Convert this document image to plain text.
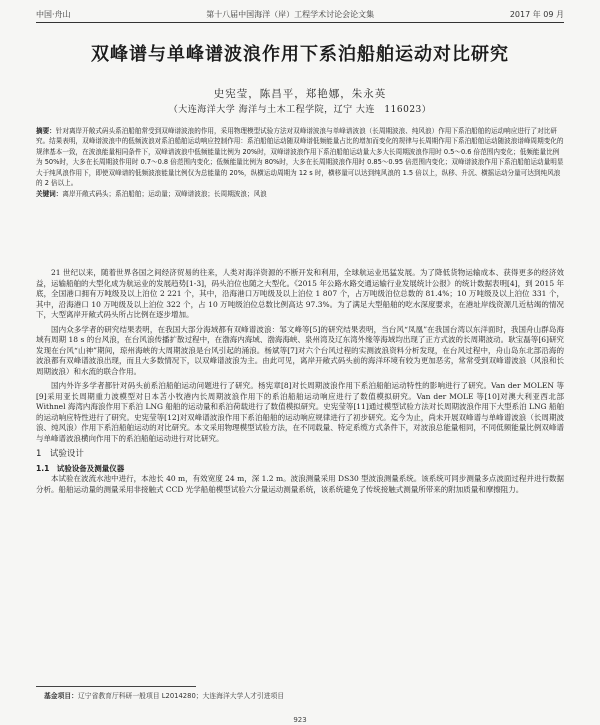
中国·舟山	第十八届中国海洋（岸）工程学术讨论会论文集	2017 年 09 月
双峰谱与单峰谱波浪作用下系泊船舶运动对比研究
史宪莹，陈昌平，郑艳娜，朱永英
（大连海洋大学 海洋与土木工程学院，辽宁 大连　116023）
摘要：针对离岸开敞式码头系泊船舶常受到双峰谱波浪的作用，采用物理模型试验方法对双峰谱波浪与单峰谱波浪（长周期波浪、纯风浪）作用下系泊船舶的运动响应进行了对比研究。结果表明，双峰谱波浪中的低频波浪对系泊船舶运动响应控制作用：系泊船舶运动随双峰谱低频能量占比的增加而变化的规律与长周期作用下系泊船舶运动随波浪谱峰周期变化的规律基本一致，在波浪能量相同条件下，双峰谱波浪中低频能量比例为 20%时，双峰谱波浪作用下系泊船舶运动量大多大长周期波浪作用时 0.5～0.6 倍范围内变化；低频能量比例为 50%时，大多在长周期波作用时 0.7～0.8 倍范围内变化；低频能量比例为 80%时，大多在长周期波浪作用时 0.85～0.95 倍范围内变化；双峰谱波浪作用下系泊船舶运动量明显大于纯风浪作用下，即使双峰谱的低频波浪能量比例仅为总能量的 20%，纵横运动周期为 12 s 时，横移量可以达到纯风浪的 1.5 倍以上，纵移、升沉、横摇运动分量可达到纯风浪的 2 倍以上。
关键词：离岸开敞式码头；系泊船舶；运动量；双峰谱波浪；长周期波浪；风浪

21 世纪以来，随着世界各国之间经济贸易的往来，人类对海洋资源的不断开发和利用，全球航运业迅猛发展。为了降低货物运输成本、获得更多的经济效益，运输船舶的大型化成为航运业的发展趋势[1-3]，码头泊位也随之大型化。《2015 年公路水路交通运输行业发展统计公报》的统计数据表明[4]，到 2015 年底，全国港口拥有万吨级及以上泊位 2 221 个，其中，沿海港口万吨级及以上泊位 1 807 个，占万吨级泊位总数的 81.4%；10 万吨级及以上泊位 331 个，其中，沿海港口 10 万吨级及以上泊位 322 个，占 10 万吨级泊位总数比例高达 97.3%。为了满足大型船舶的吃水深度要求，在港址岸线资源几近枯竭的情况下，大型离岸开敞式码头所占比例在逐步增加。

国内众多学者的研究结果表明，在我国大部分海域都有双峰谱波浪：邹文峰等[5]的研究结果表明，当台风“凤凰”在我国台湾以东洋面时，我国舟山群岛海域有周期 18 s 的台风浪，在台风浪传播扩散过程中，在渤海内海域、渤海海峡、泉州湾及辽东湾外缘等海域均出现了正方式波的长周期波动。耿宝磊等[6]研究发现在台风“山神”期间，琼州海峡的大周期波浪是台风引起的涌浪。杨斌等[7]对六个台风过程的实测波浪资料分析发现，在台风过程中，舟山岛东北部沿海的波浪都有双峰谱波浪出现，而且大多数情况下，以双峰谱波浪为主。由此可见，离岸开敞式码头前的海洋环境有较为更加恶劣，常常受到双峰谱波浪（风浪和长周期波浪）和水流的联合作用。

国内外许多学者都针对码头前系泊船舶运动问题进行了研究。杨宪章[8]对长周期波浪作用下系泊船舶运动特性的影响进行了研究。Van der MOLEN 等[9]采用亚长周期重力波模型对日本苫小牧港内长周期波浪作用下的系泊船舶运动响应进行了数值模拟研究。Van der MOLE 等[10]对澳大利亚西北部 Withnel 海湾内海浪作用下系泊 LNG 船舶的运动量和系泊荷载进行了数值模拟研究。史宪莹等[11]通过模型试验方法对长周期波浪作用下大型系泊 LNG 船舶的运动响应特性进行了研究。史宪莹等[12]对双峰谱波浪作用下系泊船舶的运动响应规律进行了初步研究。迄今为止，尚未开展双峰谱与单峰谱波浪（长周期波浪、纯风浪）作用下系泊船舶运动的对比研究。本文采用物理模型试验方法，在不同载量、特定系缆方式条件下，对波浪总能量相同，不同低频能量比例双峰谱与单峰谱波浪横向作用下的系泊船舶运动进行对比研究。

1　试验设计
1.1　试验设备及测量仪器

本试验在波流水池中进行，本池长 40 m，有效宽度 24 m，深 1.2 m。波浪测量采用 DS30 型波浪测量系统。该系统可同步测量多点波面过程并进行数据分析。船舶运动量的测量采用非接触式 CCD 光学船舶模型试验六分量运动测量系统，该系统避免了传统接触式测量所带来的附加质量和摩擦阻力。

基金项目：辽宁省教育厅科研一般项目 L2014280；大连海洋大学人才引进项目
923
